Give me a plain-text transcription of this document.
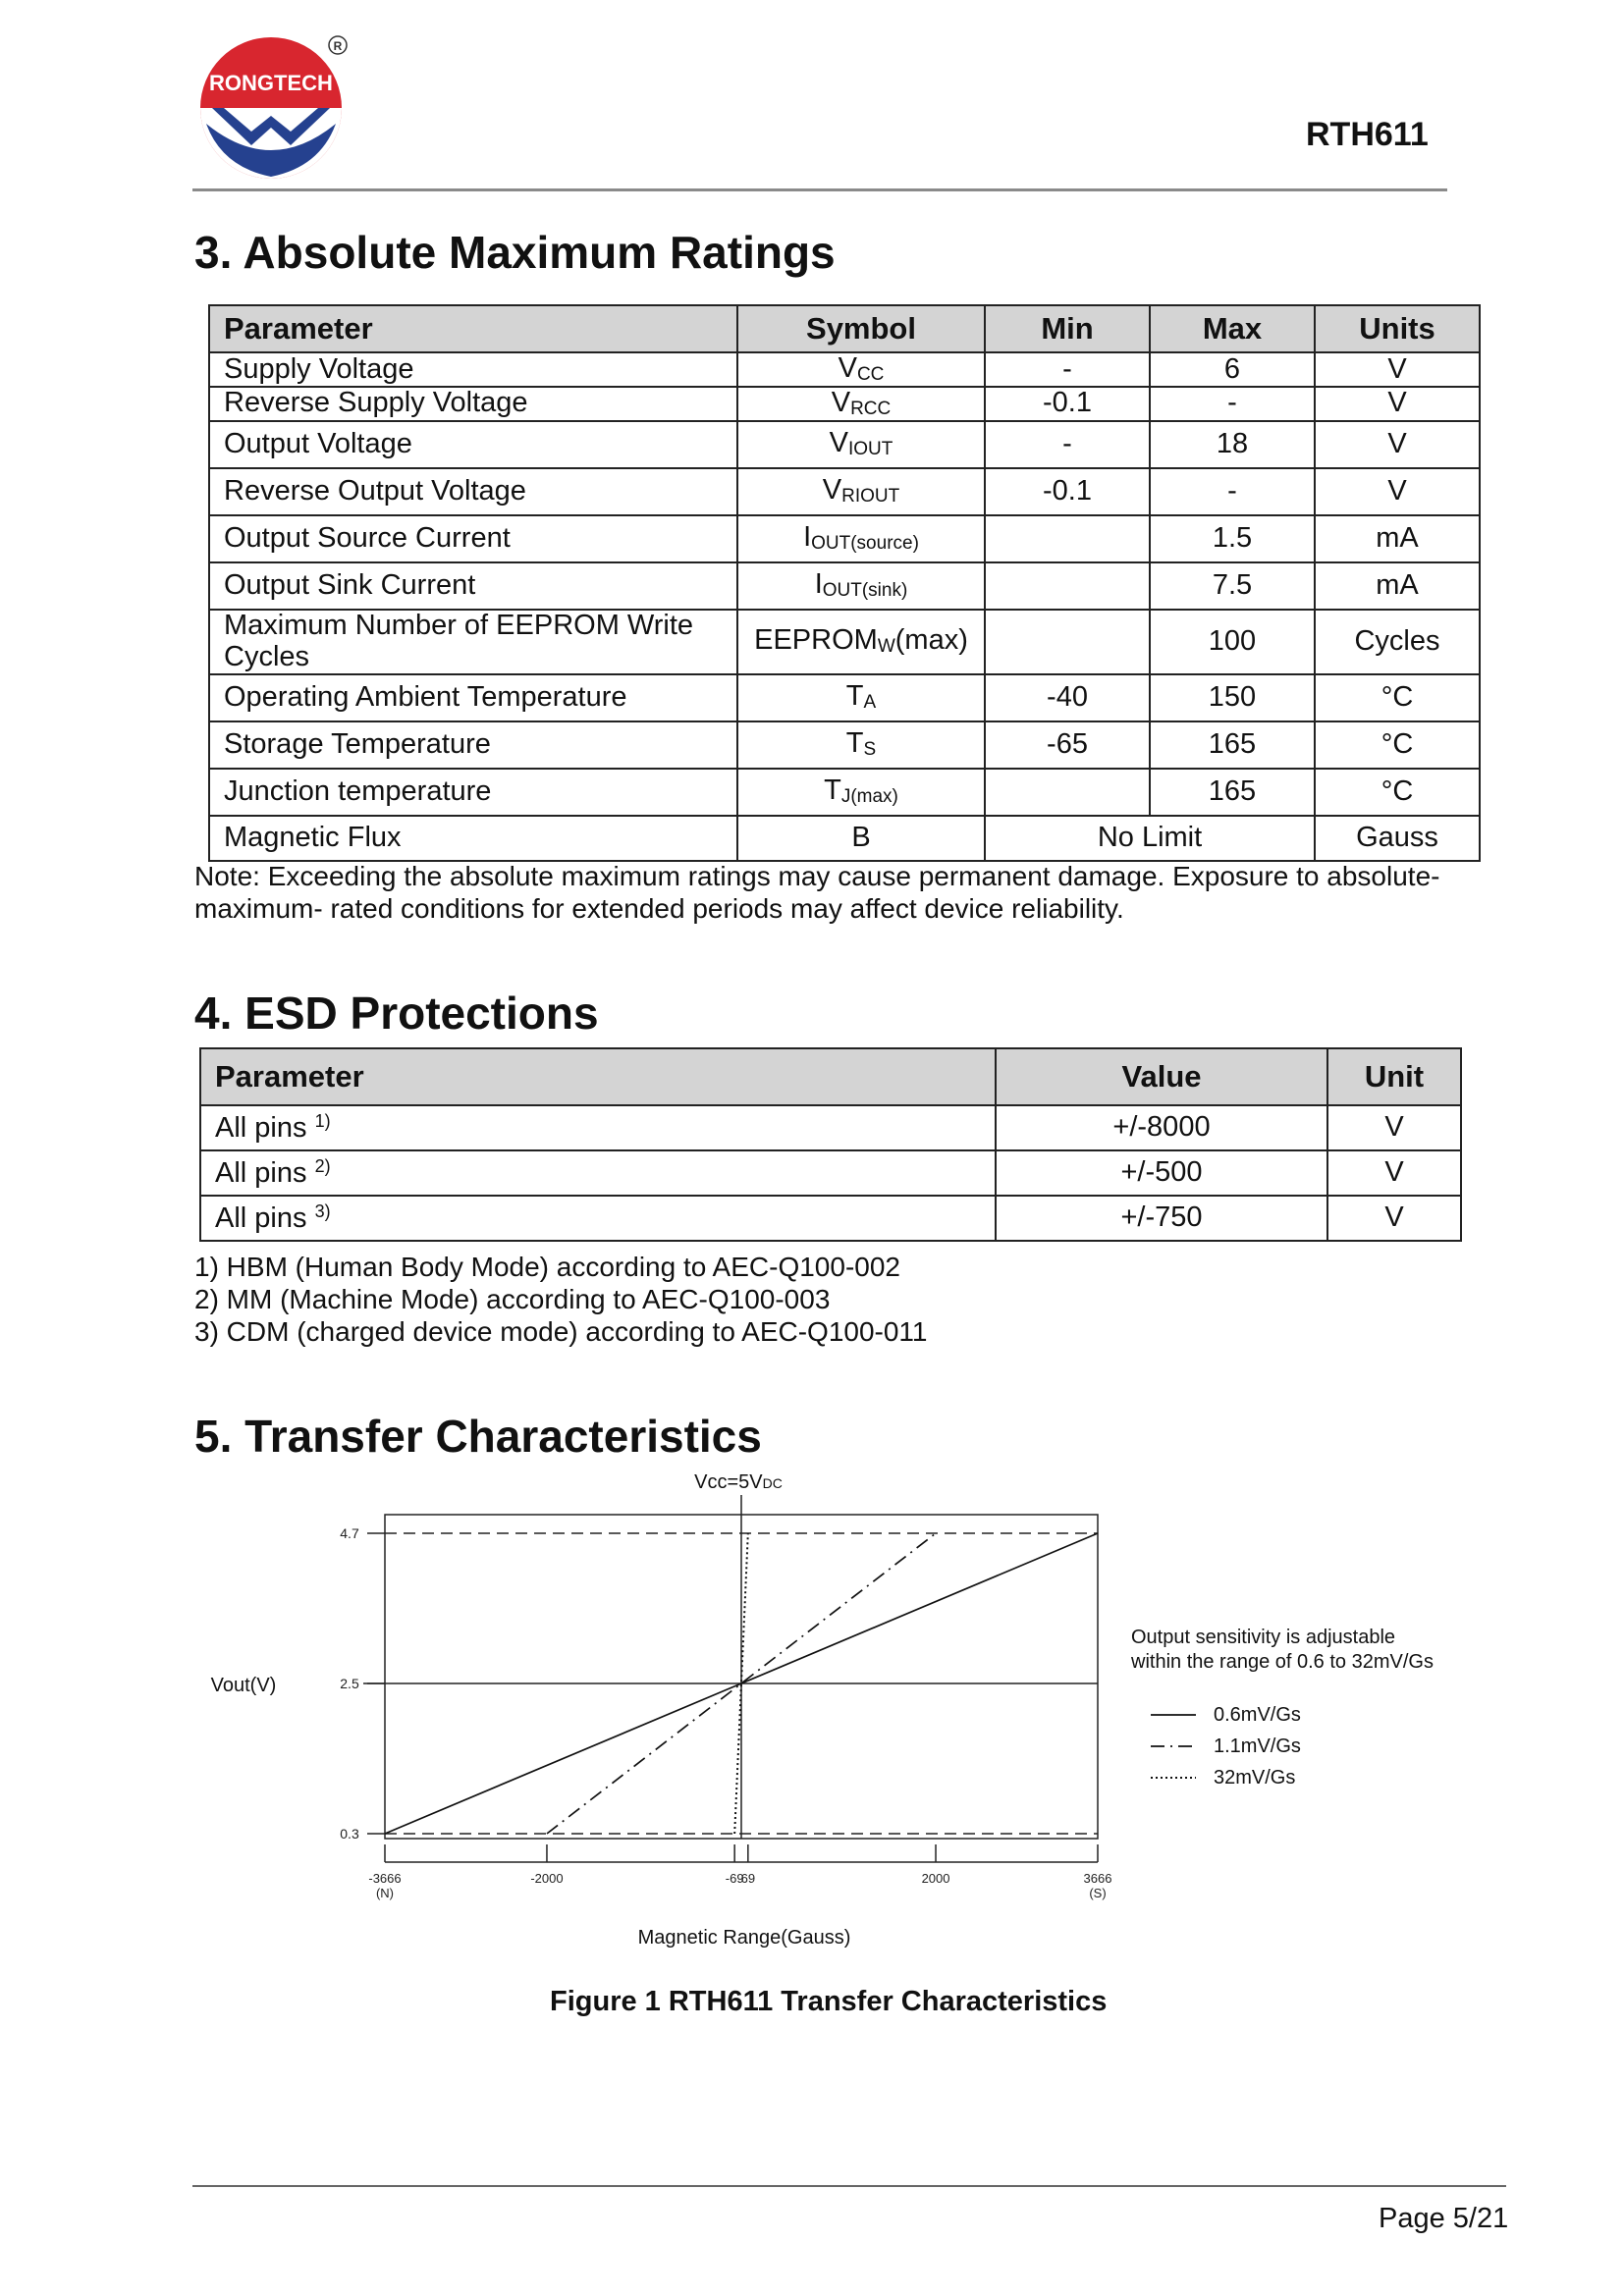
RONGTECH
R
RTH611
3. Absolute Maximum Ratings
Parameter	Symbol	Min	Max	Units
Supply Voltage	$V_{CC}$	-	6	V
Reverse Supply Voltage	$V_{RCC}$	-0.1	-	V
Output Voltage	$V_{IOUT}$	-	18	V
Reverse Output Voltage	$V_{RIOUT}$	-0.1	-	V
Output Source Current	$I_{OUT(source)}$		1.5	mA
Output Sink Current	$I_{OUT(sink)}$		7.5	mA
Maximum Number of EEPROM Write Cycles	$EEPROM_W(\max)$		100	Cycles
Operating Ambient Temperature	$T_A$	-40	150	°C
Storage Temperature	$T_S$	-65	165	°C
Junction temperature	$T_{J(max)}$		165	°C
Magnetic Flux	B	No Limit		Gauss
Note: Exceeding the absolute maximum ratings may cause permanent damage. Exposure to absolute-maximum- rated conditions for extended periods may affect device reliability.
4. ESD Protections
Parameter	Value	Unit
All pins $^{1)}$	+/-8000	V
All pins $^{2)}$	+/-500	V
All pins $^{3)}$	+/-750	V
1) HBM (Human Body Mode) according to AEC-Q100-002
2) MM (Machine Mode) according to AEC-Q100-003
3) CDM (charged device mode) according to AEC-Q100-011
5. Transfer Characteristics
4.7
2.5
0.3
-3666
(N)
-2000	-69
69	2000	3666
(S)
Vcc=5VDC
Vout(V)
Magnetic Range(Gauss)
Output sensitivity is adjustable
within the range of 0.6 to 32mV/Gs
0.6mV/Gs
1.1mV/Gs
32mV/Gs
Figure 1 RTH611 Transfer Characteristics
Page 5/21
